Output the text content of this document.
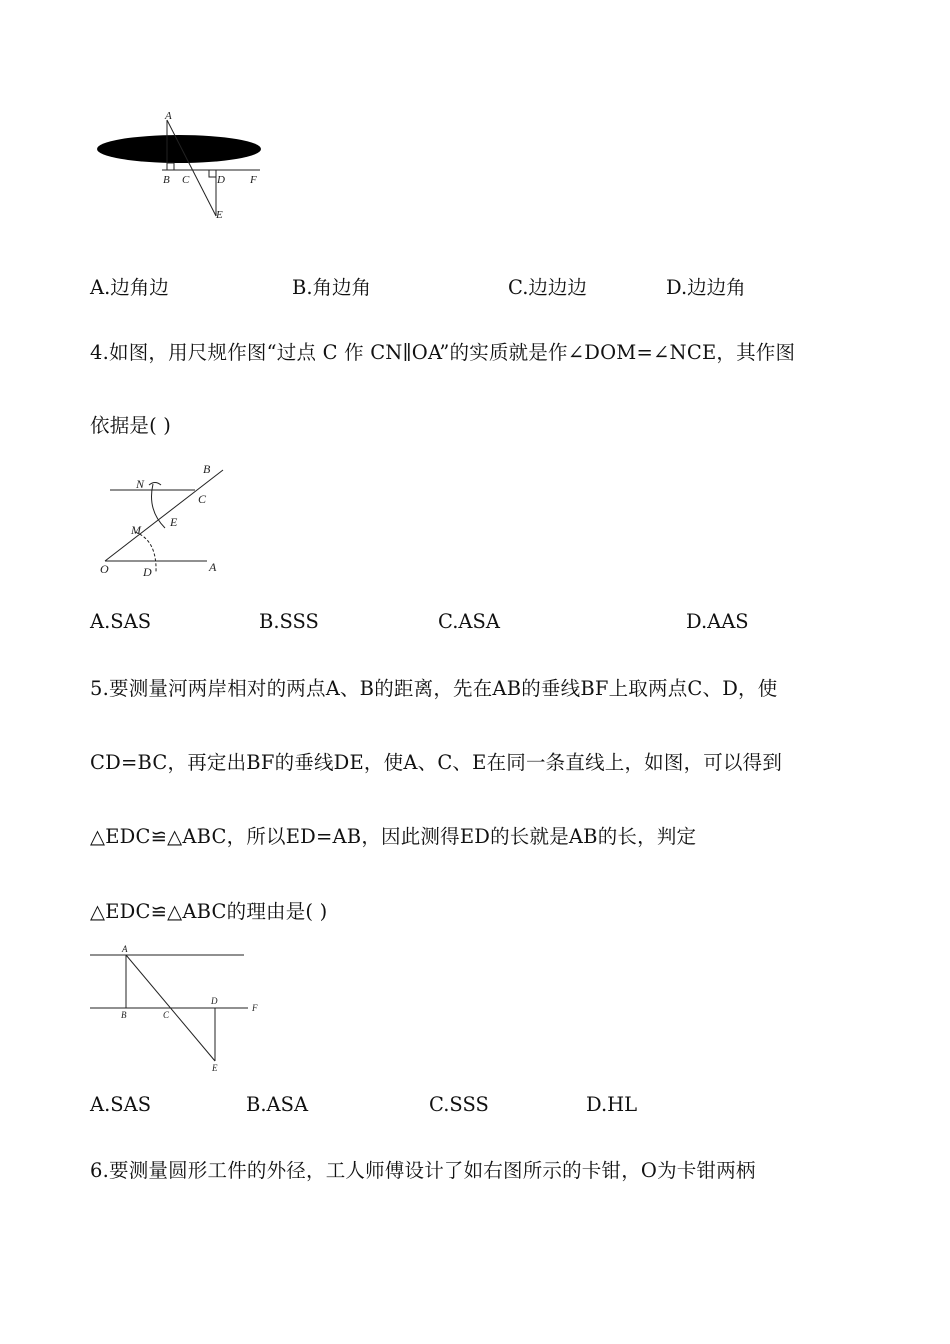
A
B C	D F
E
A.边角边	B.角边角	C.边边边	D.边边角
4.如图，用尺规作图“过点 C 作 CN∥OA”的实质就是作∠DOM=∠NCE，其作图
依据是( )
B
N
C
E
M
O	D	A
A.SAS	B.SSS	C.ASA	D.AAS
5.要测量河两岸相对的两点A、B的距离，先在AB的垂线BF上取两点C、D，使
CD=BC，再定出BF的垂线DE，使A、C、E在同一条直线上，如图，可以得到
△EDC≌△ABC，所以ED=AB，因此测得ED的长就是AB的长，判定
△EDC≌△ABC的理由是( )
A
B	C
D
F
E
A.SAS	B.ASA	C.SSS	D.HL
6.要测量圆形工件的外径，工人师傅设计了如右图所示的卡钳，O为卡钳两柄
